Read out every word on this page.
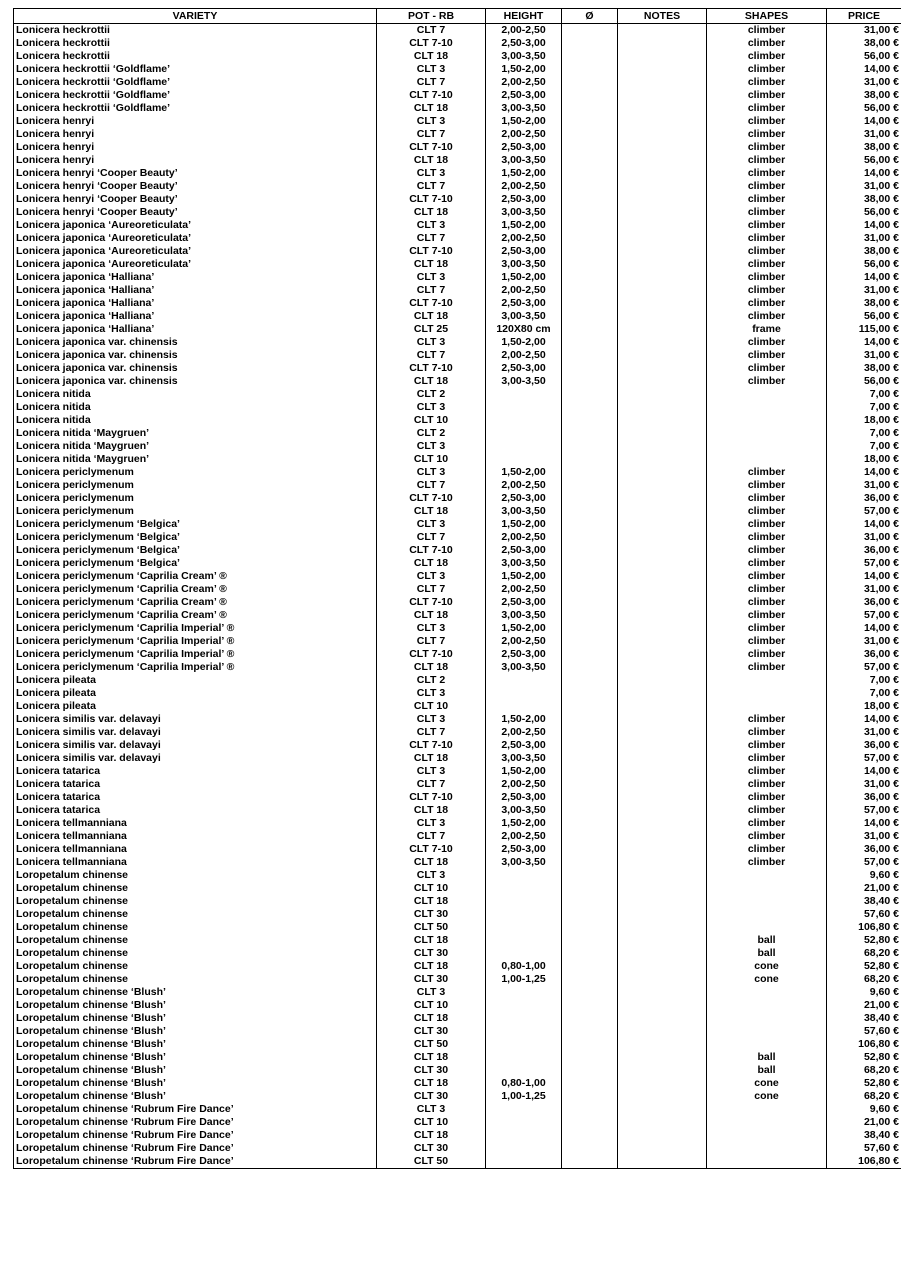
VARIETY	POT - RB	HEIGHT	Ø	NOTES	SHAPES	PRICE
Lonicera heckrottii	CLT 7	2,00-2,50			climber	31,00 €
Lonicera heckrottii	CLT 7-10	2,50-3,00			climber	38,00 €
Lonicera heckrottii	CLT 18	3,00-3,50			climber	56,00 €
Lonicera heckrottii ‘Goldflame’	CLT 3	1,50-2,00			climber	14,00 €
Lonicera heckrottii ‘Goldflame’	CLT 7	2,00-2,50			climber	31,00 €
Lonicera heckrottii ‘Goldflame’	CLT 7-10	2,50-3,00			climber	38,00 €
Lonicera heckrottii ‘Goldflame’	CLT 18	3,00-3,50			climber	56,00 €
Lonicera henryi	CLT 3	1,50-2,00			climber	14,00 €
Lonicera henryi	CLT 7	2,00-2,50			climber	31,00 €
Lonicera henryi	CLT 7-10	2,50-3,00			climber	38,00 €
Lonicera henryi	CLT 18	3,00-3,50			climber	56,00 €
Lonicera henryi ‘Cooper Beauty’	CLT 3	1,50-2,00			climber	14,00 €
Lonicera henryi ‘Cooper Beauty’	CLT 7	2,00-2,50			climber	31,00 €
Lonicera henryi ‘Cooper Beauty’	CLT 7-10	2,50-3,00			climber	38,00 €
Lonicera henryi ‘Cooper Beauty’	CLT 18	3,00-3,50			climber	56,00 €
Lonicera japonica ‘Aureoreticulata’	CLT 3	1,50-2,00			climber	14,00 €
Lonicera japonica ‘Aureoreticulata’	CLT 7	2,00-2,50			climber	31,00 €
Lonicera japonica ‘Aureoreticulata’	CLT 7-10	2,50-3,00			climber	38,00 €
Lonicera japonica ‘Aureoreticulata’	CLT 18	3,00-3,50			climber	56,00 €
Lonicera japonica ‘Halliana’	CLT 3	1,50-2,00			climber	14,00 €
Lonicera japonica ‘Halliana’	CLT 7	2,00-2,50			climber	31,00 €
Lonicera japonica ‘Halliana’	CLT 7-10	2,50-3,00			climber	38,00 €
Lonicera japonica ‘Halliana’	CLT 18	3,00-3,50			climber	56,00 €
Lonicera japonica ‘Halliana’	CLT 25	120X80 cm			frame	115,00 €
Lonicera japonica var. chinensis	CLT 3	1,50-2,00			climber	14,00 €
Lonicera japonica var. chinensis	CLT 7	2,00-2,50			climber	31,00 €
Lonicera japonica var. chinensis	CLT 7-10	2,50-3,00			climber	38,00 €
Lonicera japonica var. chinensis	CLT 18	3,00-3,50			climber	56,00 €
Lonicera nitida	CLT 2					7,00 €
Lonicera nitida	CLT 3					7,00 €
Lonicera nitida	CLT 10					18,00 €
Lonicera nitida ‘Maygruen’	CLT 2					7,00 €
Lonicera nitida ‘Maygruen’	CLT 3					7,00 €
Lonicera nitida ‘Maygruen’	CLT 10					18,00 €
Lonicera periclymenum	CLT 3	1,50-2,00			climber	14,00 €
Lonicera periclymenum	CLT 7	2,00-2,50			climber	31,00 €
Lonicera periclymenum	CLT 7-10	2,50-3,00			climber	36,00 €
Lonicera periclymenum	CLT 18	3,00-3,50			climber	57,00 €
Lonicera periclymenum ‘Belgica’	CLT 3	1,50-2,00			climber	14,00 €
Lonicera periclymenum ‘Belgica’	CLT 7	2,00-2,50			climber	31,00 €
Lonicera periclymenum ‘Belgica’	CLT 7-10	2,50-3,00			climber	36,00 €
Lonicera periclymenum ‘Belgica’	CLT 18	3,00-3,50			climber	57,00 €
Lonicera periclymenum ‘Caprilia Cream’ ®	CLT 3	1,50-2,00			climber	14,00 €
Lonicera periclymenum ‘Caprilia Cream’ ®	CLT 7	2,00-2,50			climber	31,00 €
Lonicera periclymenum ‘Caprilia Cream’ ®	CLT 7-10	2,50-3,00			climber	36,00 €
Lonicera periclymenum ‘Caprilia Cream’ ®	CLT 18	3,00-3,50			climber	57,00 €
Lonicera periclymenum ‘Caprilia Imperial’ ®	CLT 3	1,50-2,00			climber	14,00 €
Lonicera periclymenum ‘Caprilia Imperial’ ®	CLT 7	2,00-2,50			climber	31,00 €
Lonicera periclymenum ‘Caprilia Imperial’ ®	CLT 7-10	2,50-3,00			climber	36,00 €
Lonicera periclymenum ‘Caprilia Imperial’ ®	CLT 18	3,00-3,50			climber	57,00 €
Lonicera pileata	CLT 2					7,00 €
Lonicera pileata	CLT 3					7,00 €
Lonicera pileata	CLT 10					18,00 €
Lonicera similis var. delavayi	CLT 3	1,50-2,00			climber	14,00 €
Lonicera similis var. delavayi	CLT 7	2,00-2,50			climber	31,00 €
Lonicera similis var. delavayi	CLT 7-10	2,50-3,00			climber	36,00 €
Lonicera similis var. delavayi	CLT 18	3,00-3,50			climber	57,00 €
Lonicera tatarica	CLT 3	1,50-2,00			climber	14,00 €
Lonicera tatarica	CLT 7	2,00-2,50			climber	31,00 €
Lonicera tatarica	CLT 7-10	2,50-3,00			climber	36,00 €
Lonicera tatarica	CLT 18	3,00-3,50			climber	57,00 €
Lonicera tellmanniana	CLT 3	1,50-2,00			climber	14,00 €
Lonicera tellmanniana	CLT 7	2,00-2,50			climber	31,00 €
Lonicera tellmanniana	CLT 7-10	2,50-3,00			climber	36,00 €
Lonicera tellmanniana	CLT 18	3,00-3,50			climber	57,00 €
Loropetalum chinense	CLT 3					9,60 €
Loropetalum chinense	CLT 10					21,00 €
Loropetalum chinense	CLT 18					38,40 €
Loropetalum chinense	CLT 30					57,60 €
Loropetalum chinense	CLT 50					106,80 €
Loropetalum chinense	CLT 18				ball	52,80 €
Loropetalum chinense	CLT 30				ball	68,20 €
Loropetalum chinense	CLT 18	0,80-1,00			cone	52,80 €
Loropetalum chinense	CLT 30	1,00-1,25			cone	68,20 €
Loropetalum chinense ‘Blush’	CLT 3					9,60 €
Loropetalum chinense ‘Blush’	CLT 10					21,00 €
Loropetalum chinense ‘Blush’	CLT 18					38,40 €
Loropetalum chinense ‘Blush’	CLT 30					57,60 €
Loropetalum chinense ‘Blush’	CLT 50					106,80 €
Loropetalum chinense ‘Blush’	CLT 18				ball	52,80 €
Loropetalum chinense ‘Blush’	CLT 30				ball	68,20 €
Loropetalum chinense ‘Blush’	CLT 18	0,80-1,00			cone	52,80 €
Loropetalum chinense ‘Blush’	CLT 30	1,00-1,25			cone	68,20 €
Loropetalum chinense ‘Rubrum Fire Dance’	CLT 3					9,60 €
Loropetalum chinense ‘Rubrum Fire Dance’	CLT 10					21,00 €
Loropetalum chinense ‘Rubrum Fire Dance’	CLT 18					38,40 €
Loropetalum chinense ‘Rubrum Fire Dance’	CLT 30					57,60 €
Loropetalum chinense ‘Rubrum Fire Dance’	CLT 50					106,80 €
